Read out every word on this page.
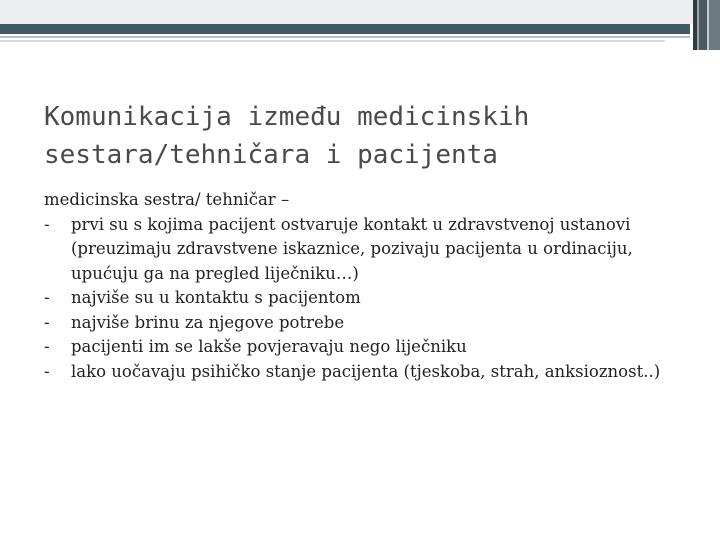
Komunikacija između medicinskih
sestara/tehničara i pacijenta
medicinska sestra/ tehničar –
- prvi su s kojima pacijent ostvaruje kontakt u zdravstvenoj ustanovi (preuzimaju zdravstvene iskaznice, pozivaju pacijenta u ordinaciju, upućuju ga na pregled liječniku…)
- najviše su u kontaktu s pacijentom
- najviše brinu za njegove potrebe
- pacijenti im se lakše povjeravaju nego liječniku
- lako uočavaju psihičko stanje pacijenta (tjeskoba, strah, anksioznost..)
